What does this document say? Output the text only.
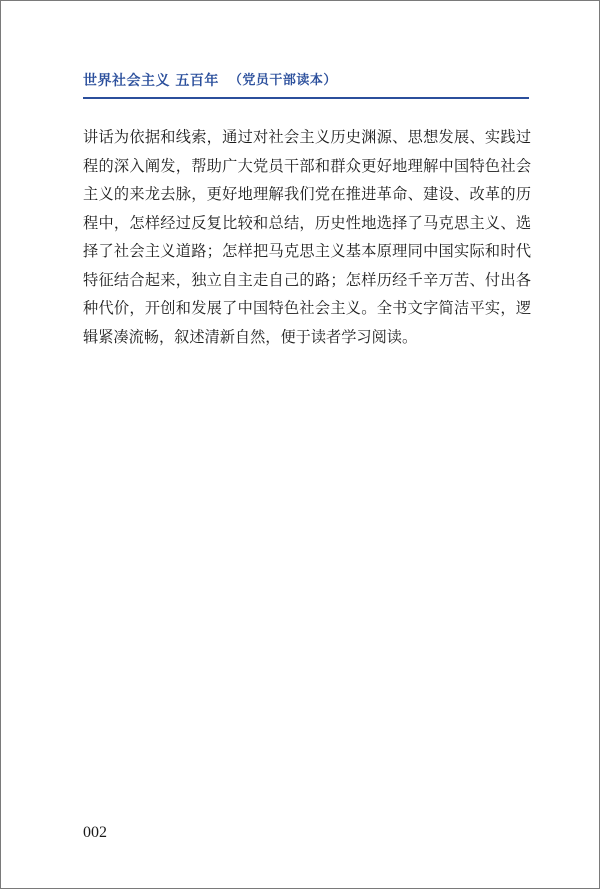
世界社会主义 五百年 （党员干部读本）

讲话为依据和线索，通过对社会主义历史渊源、思想发展、实践过程的深入阐发，帮助广大党员干部和群众更好地理解中国特色社会主义的来龙去脉，更好地理解我们党在推进革命、建设、改革的历程中，怎样经过反复比较和总结，历史性地选择了马克思主义、选择了社会主义道路；怎样把马克思主义基本原理同中国实际和时代特征结合起来，独立自主走自己的路；怎样历经千辛万苦、付出各种代价，开创和发展了中国特色社会主义。全书文字简洁平实，逻辑紧凑流畅，叙述清新自然，便于读者学习阅读。

002
